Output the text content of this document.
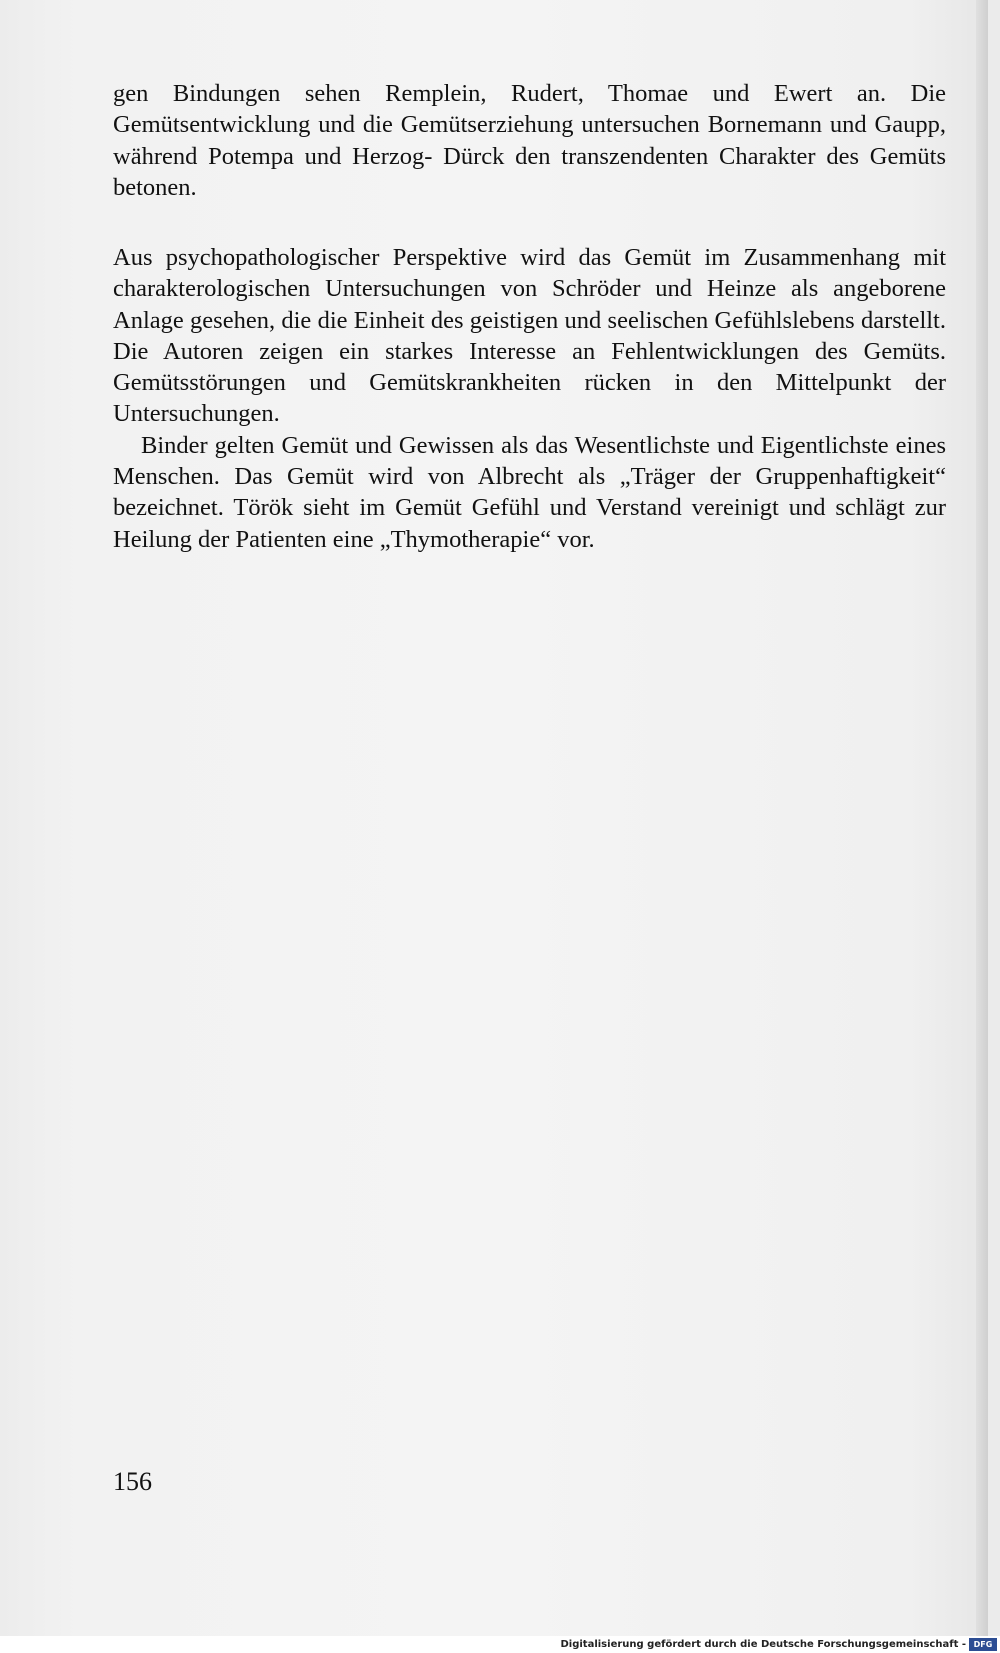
gen Bindungen sehen Remplein, Rudert, Thomae und Ewert an. Die Gemütsentwicklung und die Gemütserziehung untersuchen Bornemann und Gaupp, während Potempa und Herzog- Dürck den transzendenten Charakter des Gemüts betonen.

Aus psychopathologischer Perspektive wird das Gemüt im Zusammenhang mit charakterologischen Untersuchungen von Schröder und Heinze als angeborene Anlage gesehen, die die Einheit des geistigen und seelischen Gefühlslebens darstellt. Die Autoren zeigen ein starkes Interesse an Fehlentwicklungen des Gemüts. Gemütsstörungen und Gemütskrankheiten rücken in den Mittelpunkt der Untersuchungen.

Binder gelten Gemüt und Gewissen als das Wesentlichste und Eigentlichste eines Menschen. Das Gemüt wird von Albrecht als „Träger der Gruppenhaftigkeit“ bezeichnet. Török sieht im Gemüt Gefühl und Verstand vereinigt und schlägt zur Heilung der Patienten eine „Thymotherapie“ vor.

156
Digitalisierung gefördert durch die Deutsche Forschungsgemeinschaft - DFG
